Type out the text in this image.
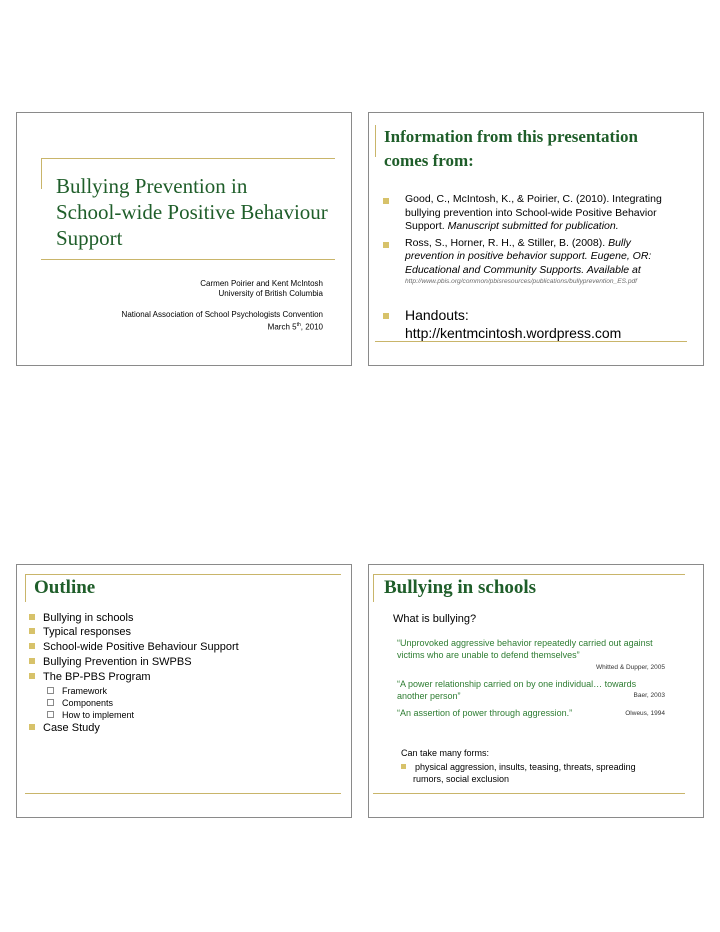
Bullying Prevention in
School-wide Positive Behaviour
Support
Carmen Poirier and Kent McIntosh
University of British Columbia
National Association of School Psychologists Convention
March 5th, 2010
Information from this presentation
comes from:
Good, C., McIntosh, K., & Poirier, C. (2010). Integrating
bullying prevention into School-wide Positive Behavior
Support. Manuscript submitted for publication.
Ross, S., Horner, R. H., & Stiller, B. (2008). Bully
prevention in positive behavior support. Eugene, OR:
Educational and Community Supports. Available at
http://www.pbis.org/common/pbisresources/publications/bullyprevention_ES.pdf
Handouts:
http://kentmcintosh.wordpress.com
Outline
Bullying in schools
Typical responses
School-wide Positive Behaviour Support
Bullying Prevention in SWPBS
The BP-PBS Program
Framework
Components
How to implement
Case Study
Bullying in schools
What is bullying?
“Unprovoked aggressive behavior repeatedly carried out against
victims who are unable to defend themselves”
Whitted & Dupper, 2005
“A power relationship carried on by one individual… towards
another person”	Baer, 2003
“An assertion of power through aggression.”	Olweus, 1994
Can take many forms:
physical aggression, insults, teasing, threats, spreading
rumors, social exclusion
